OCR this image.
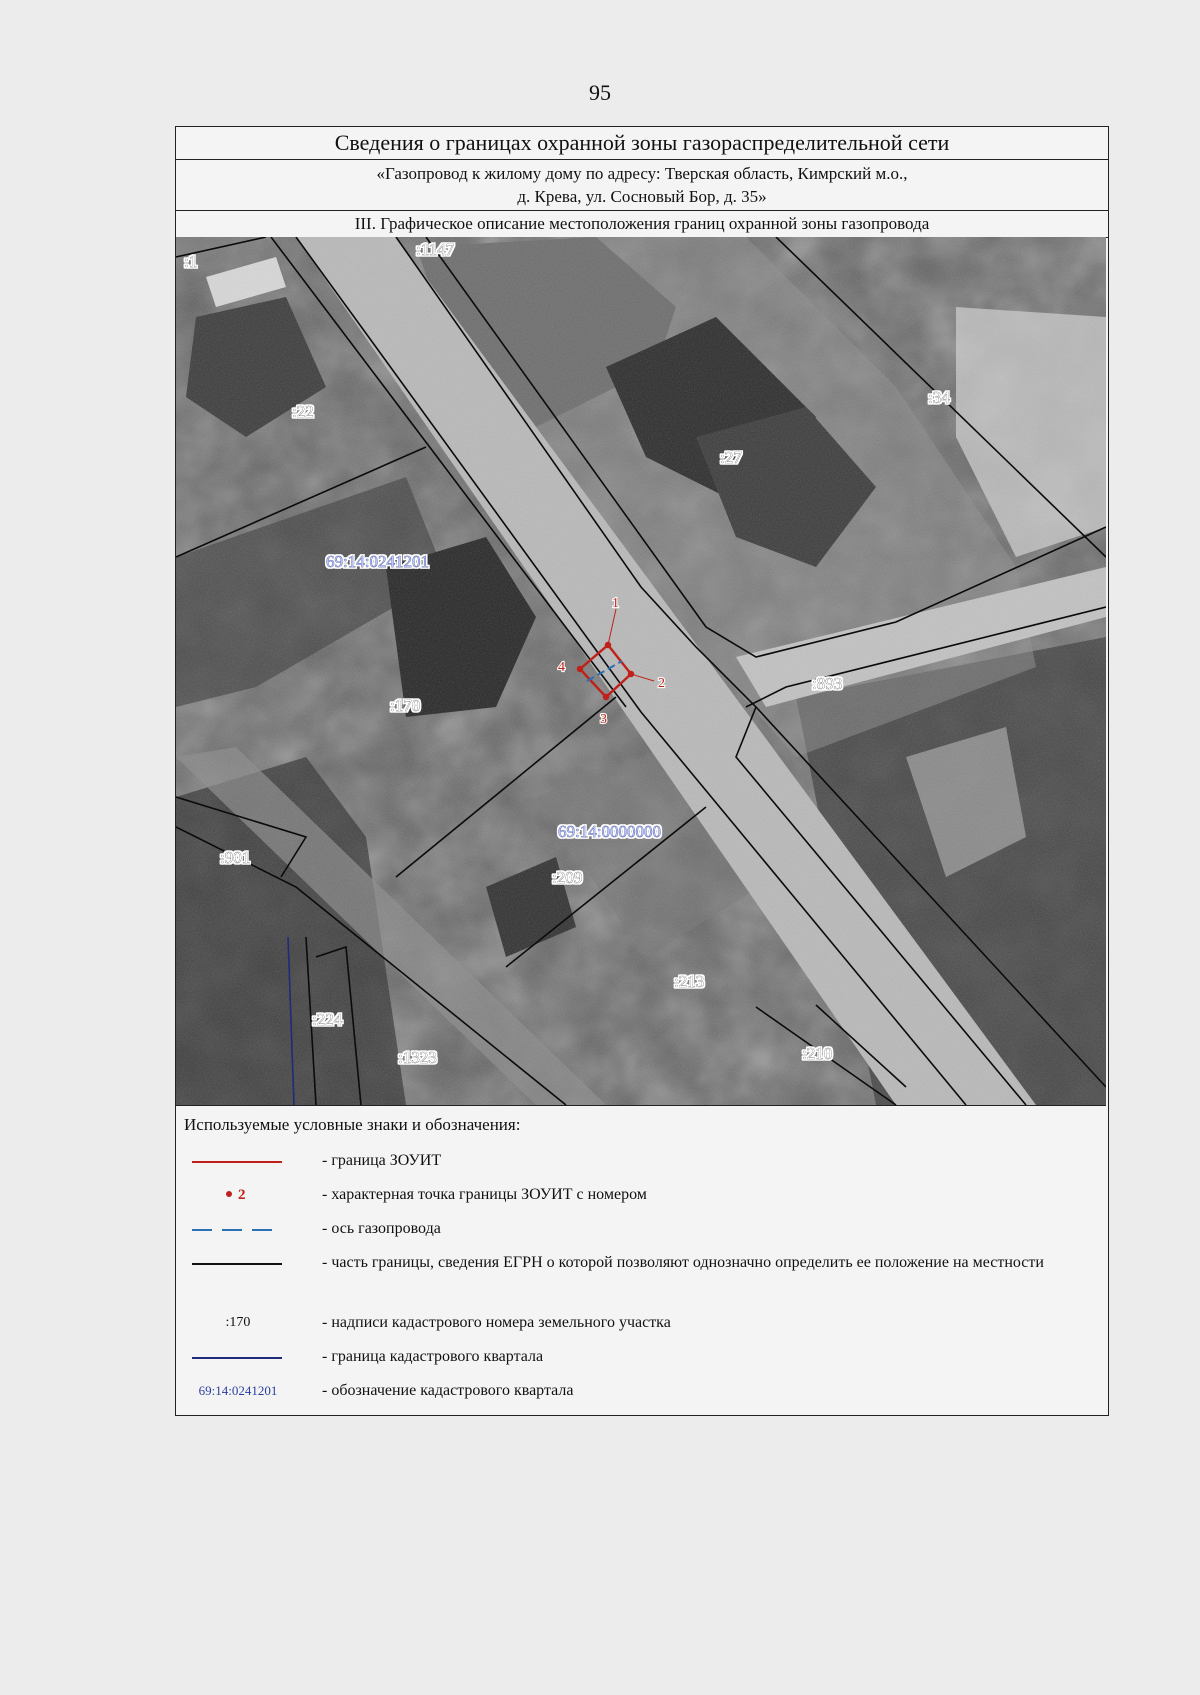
95
Сведения о границах охранной зоны газораспределительной сети
«Газопровод к жилому дому по адресу: Тверская область, Кимрский м.о.,
д. Крева, ул. Сосновый Бор, д. 35»
III. Графическое описание местоположения границ охранной зоны газопровода
:1
:1147
:22
:34
:27
:170
:893
:901
:209
:213
:224
:1323	:210
69:14:0241201
69:14:0000000
1
2
3
4
Используемые условные знаки и обозначения:
- граница ЗОУИТ
2	- характерная точка границы ЗОУИТ с номером
- ось газопровода
- часть границы, сведения ЕГРН о которой позволяют однозначно определить ее положение на местности
:170	- надписи кадастрового номера земельного участка
- граница кадастрового квартала
69:14:0241201	- обозначение кадастрового квартала
